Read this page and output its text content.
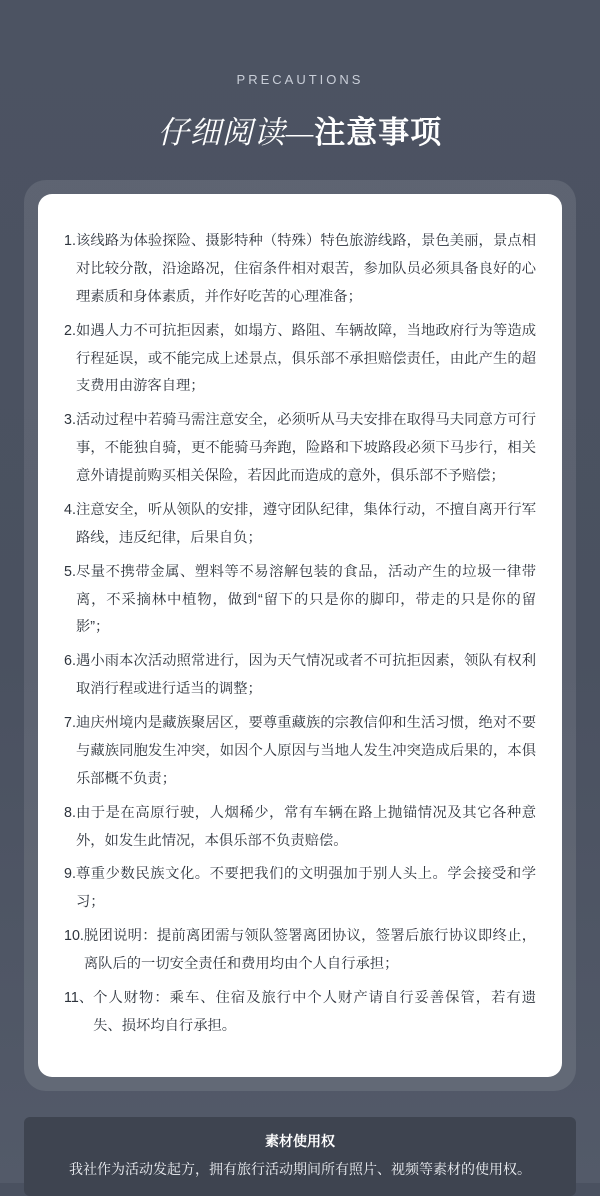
PRECAUTIONS
仔细阅读—注意事项
1. 该线路为体验探险、摄影特种（特殊）特色旅游线路，景色美丽，景点相对比较分散，沿途路况，住宿条件相对艰苦，参加队员必须具备良好的心理素质和身体素质，并作好吃苦的心理准备；
2. 如遇人力不可抗拒因素，如塌方、路阻、车辆故障，当地政府行为等造成行程延误，或不能完成上述景点，俱乐部不承担赔偿责任，由此产生的超支费用由游客自理；
3. 活动过程中若骑马需注意安全，必须听从马夫安排在取得马夫同意方可行事，不能独自骑，更不能骑马奔跑，险路和下坡路段必须下马步行，相关意外请提前购买相关保险，若因此而造成的意外，俱乐部不予赔偿；
4. 注意安全，听从领队的安排，遵守团队纪律，集体行动，不擅自离开行军路线，违反纪律，后果自负；
5. 尽量不携带金属、塑料等不易溶解包装的食品，活动产生的垃圾一律带离，不采摘林中植物，做到“留下的只是你的脚印，带走的只是你的留影”；
6. 遇小雨本次活动照常进行，因为天气情况或者不可抗拒因素，领队有权利取消行程或进行适当的调整；
7. 迪庆州境内是藏族聚居区，要尊重藏族的宗教信仰和生活习惯，绝对不要与藏族同胞发生冲突，如因个人原因与当地人发生冲突造成后果的，本俱乐部概不负责；
8. 由于是在高原行驶，人烟稀少，常有车辆在路上抛锚情况及其它各种意外，如发生此情况，本俱乐部不负责赔偿。
9. 尊重少数民族文化。不要把我们的文明强加于别人头上。学会接受和学习；
10. 脱团说明：提前离团需与领队签署离团协议，签署后旅行协议即终止，离队后的一切安全责任和费用均由个人自行承担；
11、 个人财物：乘车、住宿及旅行中个人财产请自行妥善保管，若有遗失、损坏均自行承担。
素材使用权
我社作为活动发起方，拥有旅行活动期间所有照片、视频等素材的使用权。
